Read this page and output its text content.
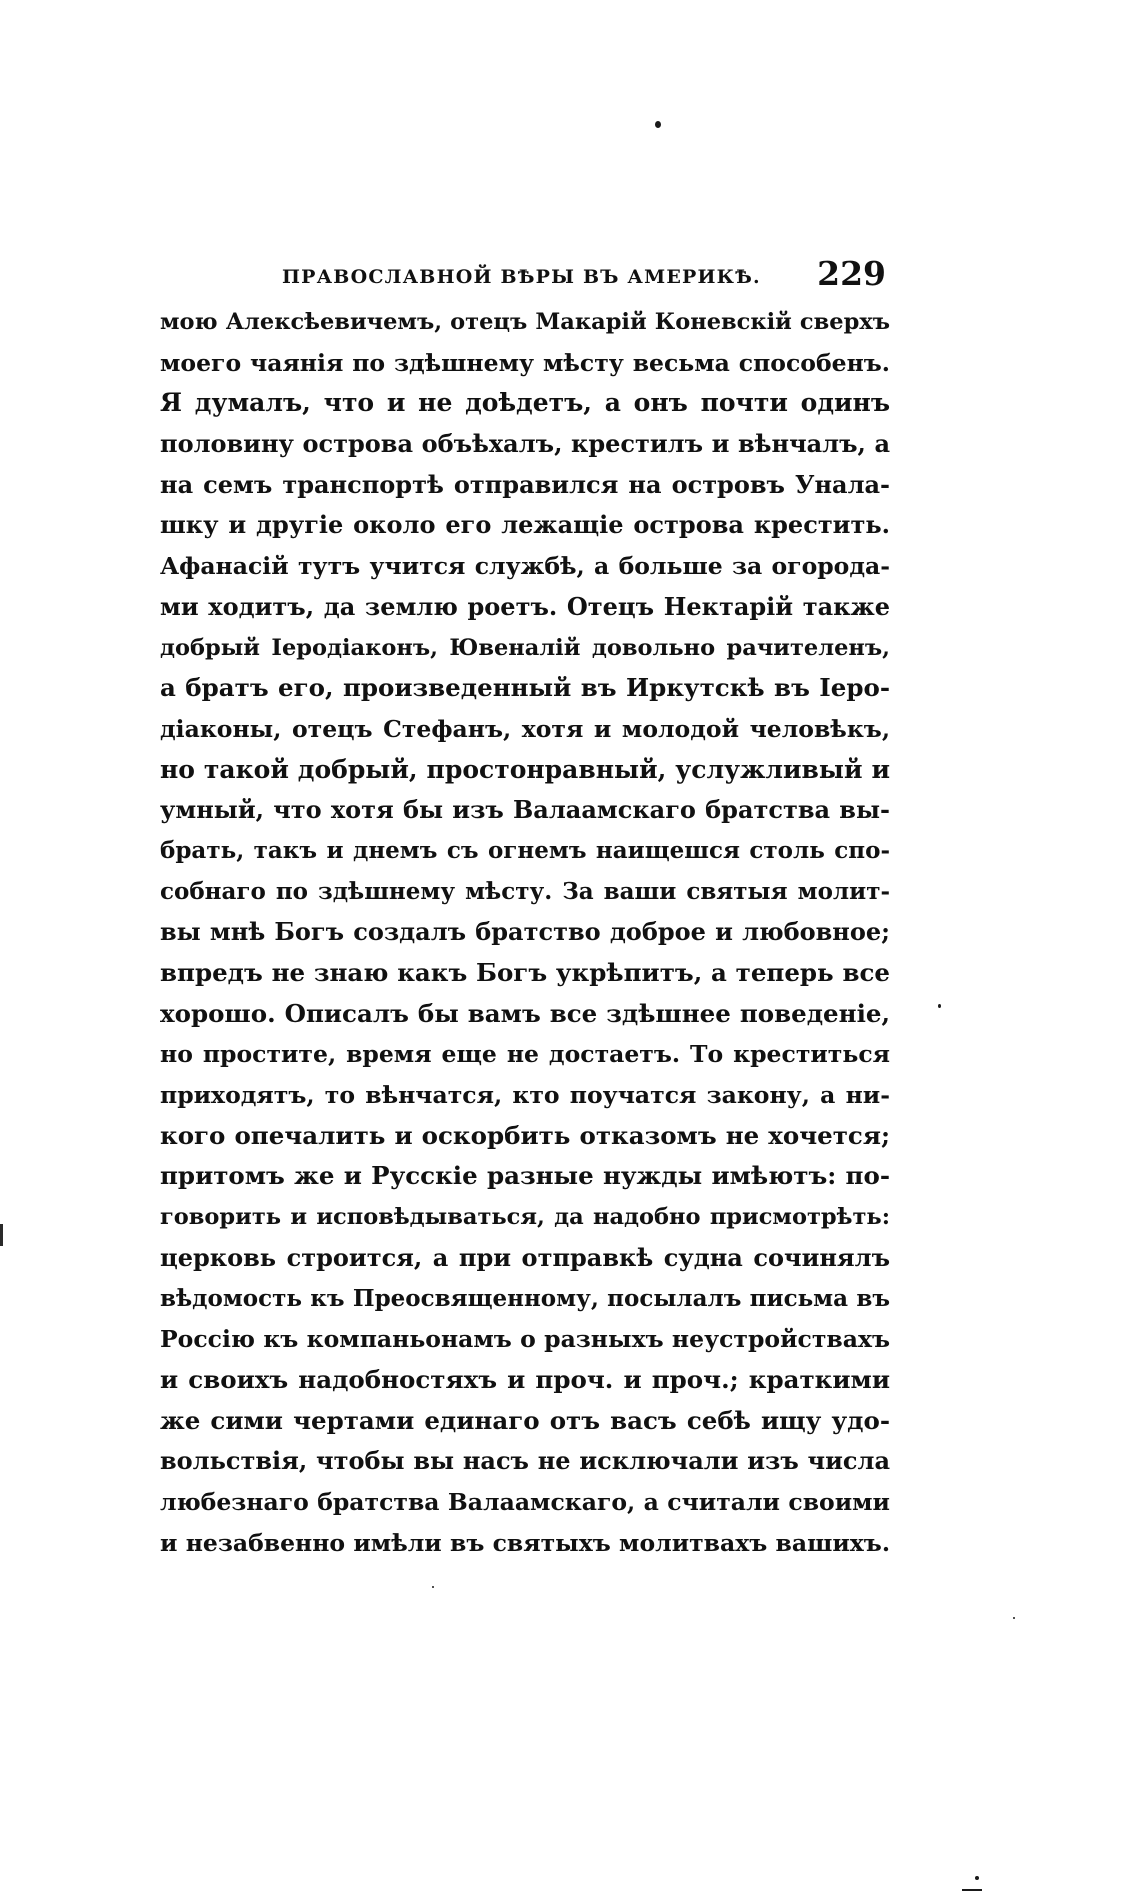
ПРАВОСЛАВНОЙ ВѢРЫ ВЪ АМЕРИКѢ. 229
мою Алексѣевичемъ, отецъ Макарій Коневскій сверхъ
моего чаянія по здѣшнему мѣсту весьма способенъ.
Я думалъ, что и не доѣдетъ, а онъ почти одинъ
половину острова объѣхалъ, крестилъ и вѣнчалъ, а
на семъ транспортѣ отправился на островъ Унала-
шку и другіе около его лежащіе острова крестить.
Афанасій тутъ учится службѣ, а больше за огорода-
ми ходитъ, да землю роетъ. Отецъ Нектарій также
добрый Іеродіаконъ, Ювеналій довольно рачителенъ,
а братъ его, произведенный въ Иркутскѣ въ Іеро-
діаконы, отецъ Стефанъ, хотя и молодой человѣкъ,
но такой добрый, простонравный, услужливый и
умный, что хотя бы изъ Валаамскаго братства вы-
брать, такъ и днемъ съ огнемъ наищешся столь спо-
собнаго по здѣшнему мѣсту. За ваши святыя молит-
вы мнѣ Богъ создалъ братство доброе и любовное;
впредъ не знаю какъ Богъ укрѣпитъ, а теперь все
хорошо. Описалъ бы вамъ все здѣшнее поведеніе,
но простите, время еще не достаетъ. То креститься
приходятъ, то вѣнчатся, кто поучатся закону, а ни-
кого опечалить и оскорбить отказомъ не хочется;
притомъ же и Русскіе разные нужды имѣютъ: по-
говорить и исповѣдываться, да надобно присмотрѣть:
церковь строится, а при отправкѣ судна сочинялъ
вѣдомость къ Преосвященному, посылалъ письма въ
Россію къ компаньонамъ о разныхъ неустройствахъ
и своихъ надобностяхъ и проч. и проч.; краткими
же сими чертами единаго отъ васъ себѣ ищу удо-
вольствія, чтобы вы насъ не исключали изъ числа
любезнаго братства Валаамскаго, а считали своими
и незабвенно имѣли въ святыхъ молитвахъ вашихъ.
